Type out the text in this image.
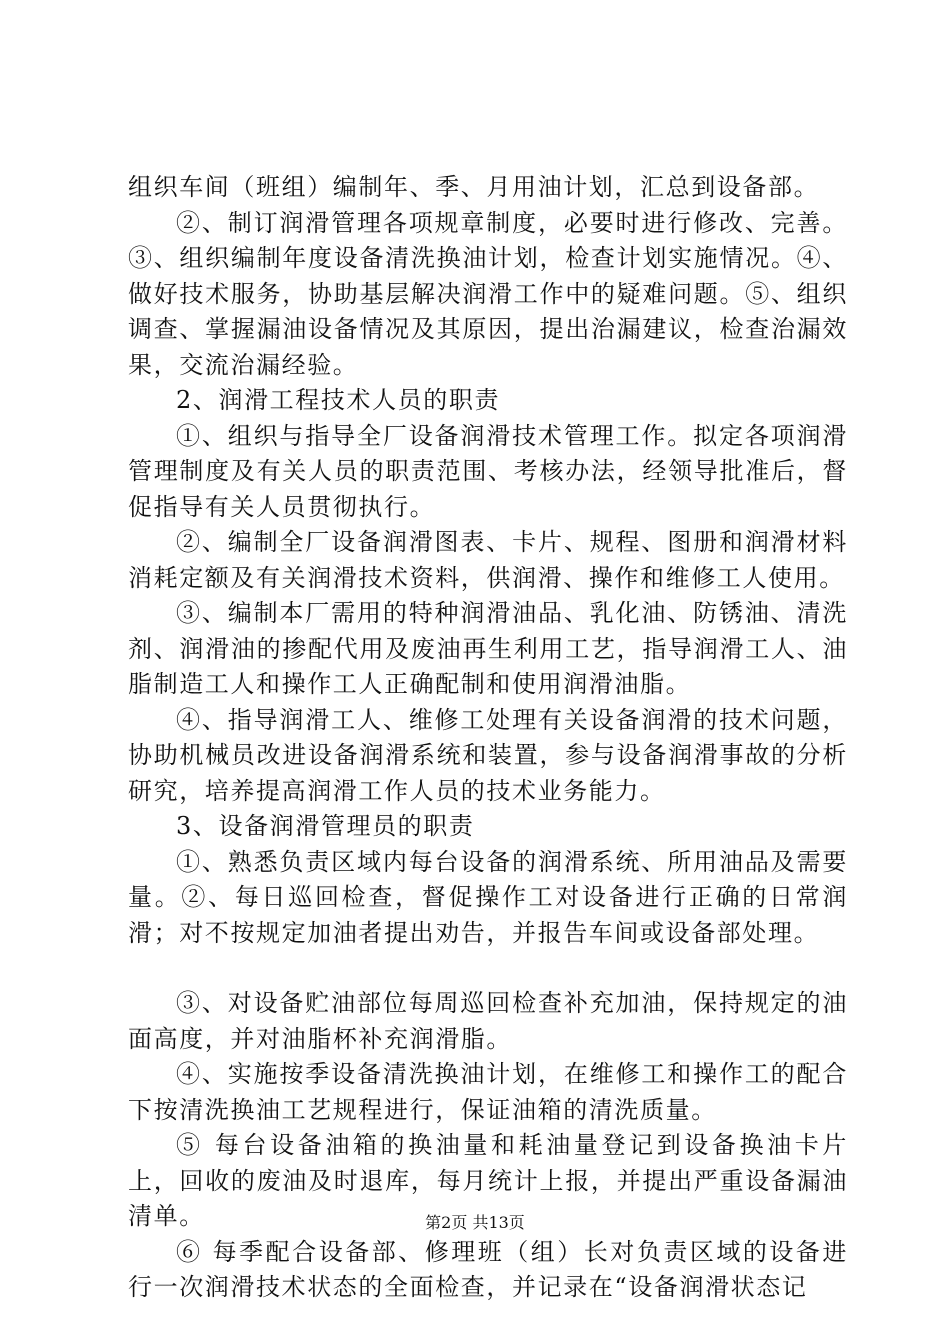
组织车间（班组）编制年、季、月用油计划，汇总到设备部。

②、制订润滑管理各项规章制度，必要时进行修改、完善。③、组织编制年度设备清洗换油计划，检查计划实施情况。④、做好技术服务，协助基层解决润滑工作中的疑难问题。⑤、组织调查、掌握漏油设备情况及其原因，提出治漏建议，检查治漏效果，交流治漏经验。

2、润滑工程技术人员的职责

①、组织与指导全厂设备润滑技术管理工作。拟定各项润滑管理制度及有关人员的职责范围、考核办法，经领导批准后，督促指导有关人员贯彻执行。

②、编制全厂设备润滑图表、卡片、规程、图册和润滑材料消耗定额及有关润滑技术资料，供润滑、操作和维修工人使用。

③、编制本厂需用的特种润滑油品、乳化油、防锈油、清洗剂、润滑油的掺配代用及废油再生利用工艺，指导润滑工人、油脂制造工人和操作工人正确配制和使用润滑油脂。

④、指导润滑工人、维修工处理有关设备润滑的技术问题，协助机械员改进设备润滑系统和装置，参与设备润滑事故的分析研究，培养提高润滑工作人员的技术业务能力。

3、设备润滑管理员的职责

①、熟悉负责区域内每台设备的润滑系统、所用油品及需要量。②、每日巡回检查，督促操作工对设备进行正确的日常润滑；对不按规定加油者提出劝告，并报告车间或设备部处理。

③、对设备贮油部位每周巡回检查补充加油，保持规定的油面高度，并对油脂杯补充润滑脂。

④、实施按季设备清洗换油计划，在维修工和操作工的配合下按清洗换油工艺规程进行，保证油箱的清洗质量。

⑤ 每台设备油箱的换油量和耗油量登记到设备换油卡片上，回收的废油及时退库，每月统计上报，并提出严重设备漏油清单。

⑥ 每季配合设备部、修理班（组）长对负责区域的设备进行一次润滑技术状态的全面检查，并记录在“设备润滑状态记

第2页 共13页
